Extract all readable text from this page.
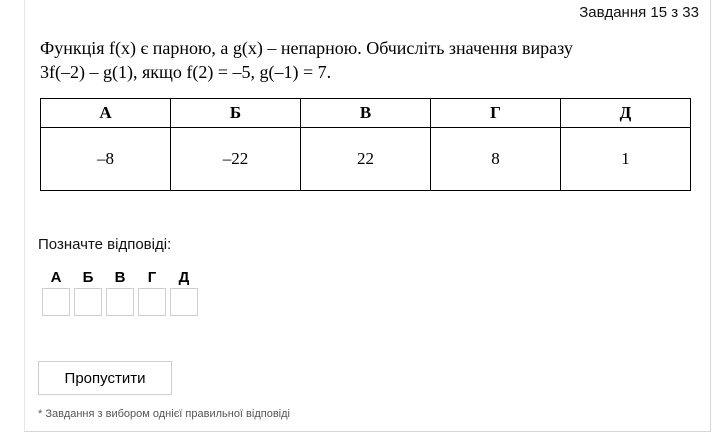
Завдання 15 з 33
Функція f(x) є парною, а g(x) – непарною. Обчисліть значення виразу
3f(–2) – g(1), якщо f(2) = –5, g(–1) = 7.
А	Б	В	Г	Д
–8	–22	22	8	1
Позначте відповіді:
А Б В Г Д
Пропустити
* Завдання з вибором однієї правильної відповіді
